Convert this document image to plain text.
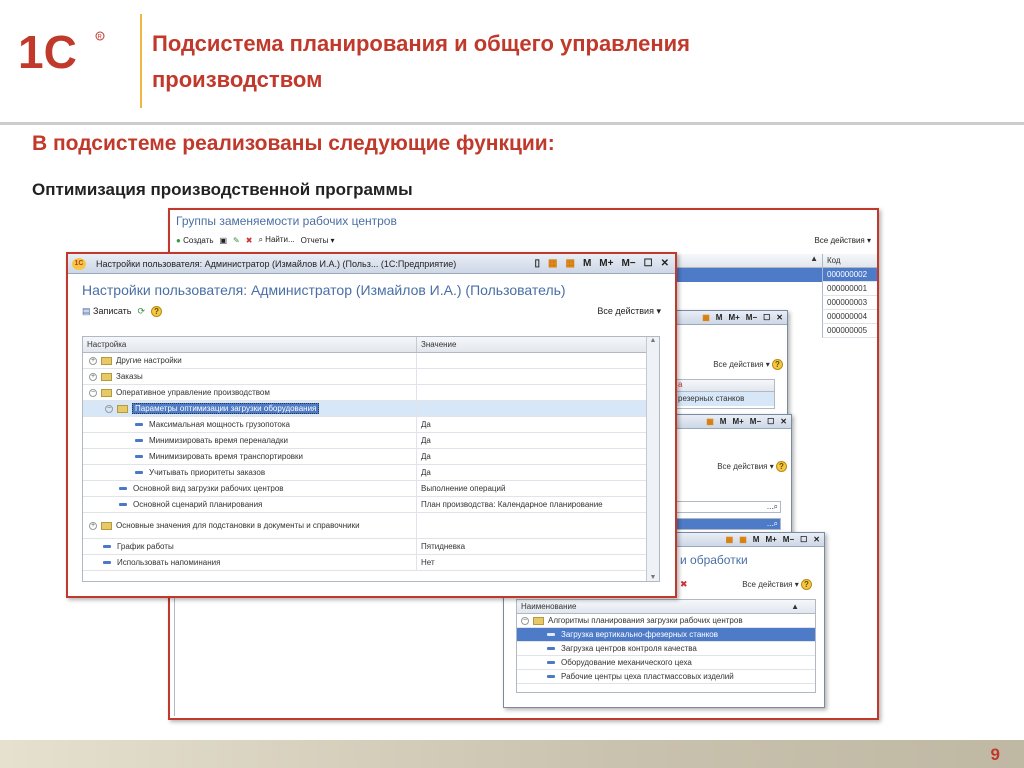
1С	R Подсистема планирования и общего управления производством
В подсистеме реализованы следующие функции:
Оптимизация производственной программы
Группы заменяемости рабочих центров
● Создать ▣ ✎ ✖ ⌕ Найти... Отчеты ▾	Все действия ▾
▲	Код
000000002
000000001
000000003
000000004
000000005
▦ M M+ M− ☐ ✕
Все действия ▾ ?
а
резерных станков
▦ M M+ M− ☐ ✕
Все действия ▾ ?
...⌕
...⌕
▦ ▦ M M+ M− ☐ ✕
и обработки
✖	Все действия ▾ ?
Наименование	▲
−	Алгоритмы планирования загрузки рабочих центров
Загрузка вертикально-фрезерных станков
Загрузка центров контроля качества
Оборудование механического цеха
Рабочие центры цеха пластмассовых изделий
1С Настройки пользователя: Администратор (Измайлов И.А.) (Польз... (1С:Предприятие)	▯ ▦ ▦ M M+ M− ☐ ✕
Настройки пользователя: Администратор (Измайлов И.А.) (Пользователь)
▤ Записать ⟳	?	Все действия ▾
Настройка	Значение
+	Другие настройки
+	Заказы
−	Оперативное управление производством
−	Параметры оптимизации загрузки оборудования
Максимальная мощность грузопотока	Да
Минимизировать время переналадки	Да
Минимизировать время транспортировки	Да
Учитывать приоритеты заказов	Да
Основной вид загрузки рабочих центров	Выполнение операций
Основной сценарий планирования	План производства: Календарное планирование
+	Основные значения для подстановки в документы и справочники
График работы	Пятидневка
Использовать напоминания	Нет
▲
▼
9
